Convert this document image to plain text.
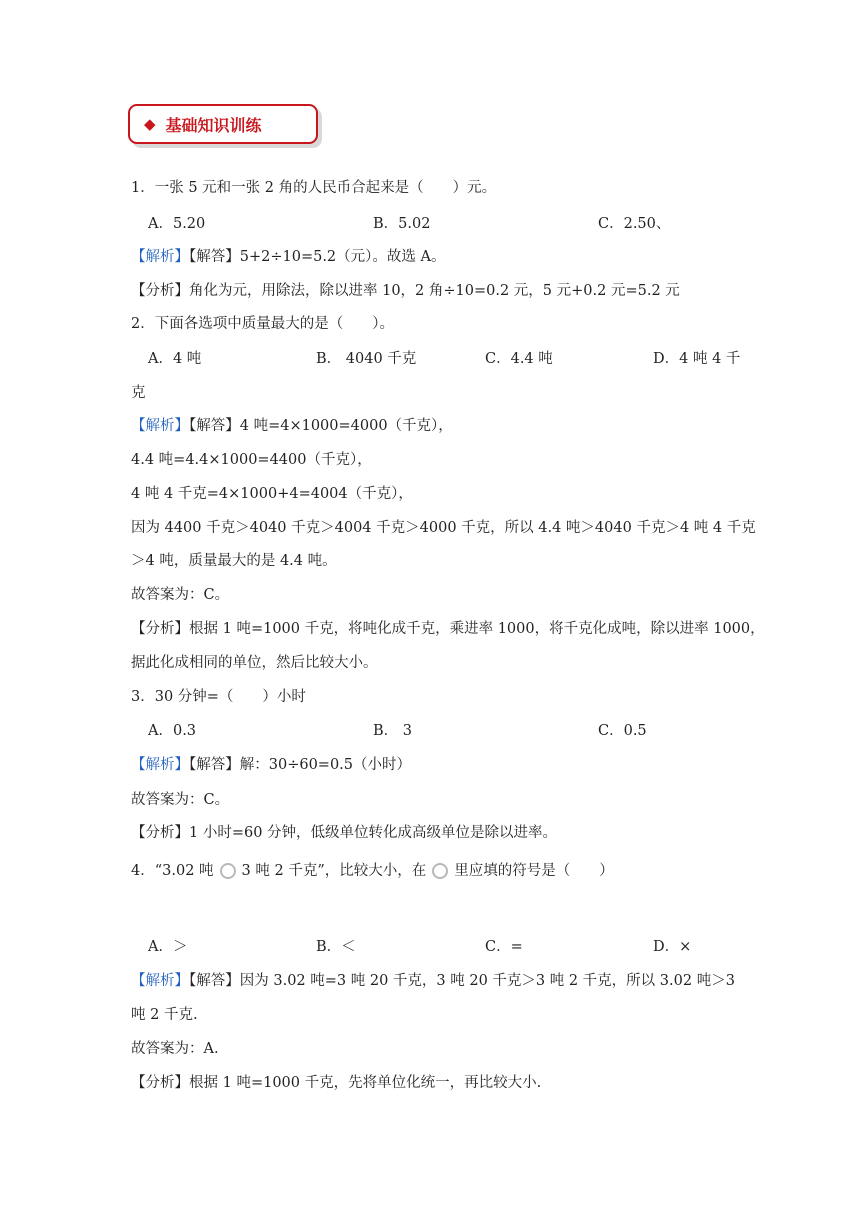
◆ 基础知识训练
1．一张 5 元和一张 2 角的人民币合起来是（　　）元。
A．5.20	B．5.02	C．2.50、
【解析】【解答】5+2÷10=5.2（元）。故选 A。
【分析】角化为元，用除法，除以进率 10，2 角÷10=0.2 元，5 元+0.2 元=5.2 元
2．下面各选项中质量最大的是（　　）。
A．4 吨	B． 4040 千克	C．4.4 吨	D．4 吨 4 千
克
【解析】【解答】4 吨=4×1000=4000（千克），
4.4 吨=4.4×1000=4400（千克），
4 吨 4 千克=4×1000+4=4004（千克），
因为 4400 千克＞4040 千克＞4004 千克＞4000 千克，所以 4.4 吨＞4040 千克＞4 吨 4 千克
＞4 吨，质量最大的是 4.4 吨。
故答案为：C。
【分析】根据 1 吨=1000 千克，将吨化成千克，乘进率 1000，将千克化成吨，除以进率 1000，
据此化成相同的单位，然后比较大小。
3．30 分钟=（　　）小时
A．0.3	B． 3	C．0.5
【解析】【解答】解：30÷60=0.5（小时）
故答案为：C。
【分析】1 小时=60 分钟，低级单位转化成高级单位是除以进率。
4．“3.02 吨 3 吨 2 千克”，比较大小，在 里应填的符号是（　　）
A．＞	B．＜	C．=	D．×
【解析】【解答】因为 3.02 吨=3 吨 20 千克，3 吨 20 千克＞3 吨 2 千克，所以 3.02 吨＞3
吨 2 千克.
故答案为：A.
【分析】根据 1 吨=1000 千克，先将单位化统一，再比较大小.
